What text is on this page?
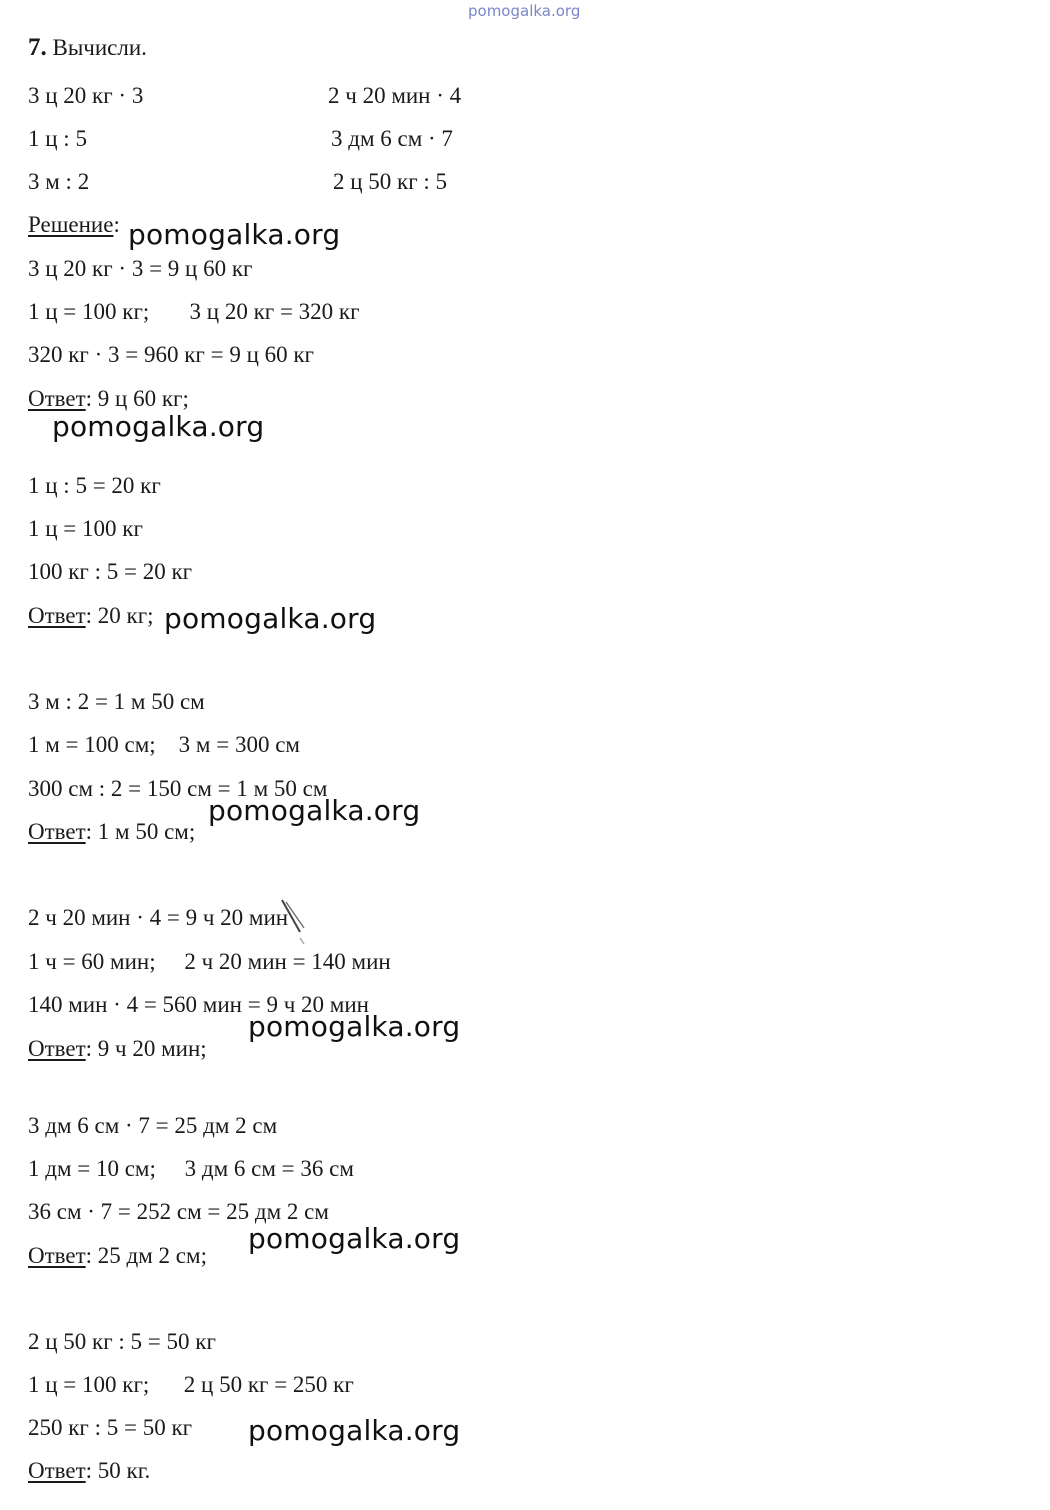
pomogalka.org
7. Вычисли.
3 ц 20 кг · 3	2 ч 20 мин · 4
1 ц : 5	3 дм 6 см · 7
3 м : 2	2 ц 50 кг : 5
Решение:
3 ц 20 кг · 3 = 9 ц 60 кг
1 ц = 100 кг;       3 ц 20 кг = 320 кг
320 кг · 3 = 960 кг = 9 ц 60 кг
Ответ: 9 ц 60 кг;
1 ц : 5 = 20 кг
1 ц = 100 кг
100 кг : 5 = 20 кг
Ответ: 20 кг;
3 м : 2 = 1 м 50 см
1 м = 100 см;    3 м = 300 см
300 см : 2 = 150 см = 1 м 50 см
Ответ: 1 м 50 см;
2 ч 20 мин · 4 = 9 ч 20 мин
1 ч = 60 мин;     2 ч 20 мин = 140 мин
140 мин · 4 = 560 мин = 9 ч 20 мин
Ответ: 9 ч 20 мин;
3 дм 6 см · 7 = 25 дм 2 см
1 дм = 10 см;     3 дм 6 см = 36 см
36 см · 7 = 252 см = 25 дм 2 см
Ответ: 25 дм 2 см;
2 ц 50 кг : 5 = 50 кг
1 ц = 100 кг;      2 ц 50 кг = 250 кг
250 кг : 5 = 50 кг
Ответ: 50 кг.
pomogalka.org
pomogalka.org
pomogalka.org
pomogalka.org
pomogalka.org
pomogalka.org
pomogalka.org
